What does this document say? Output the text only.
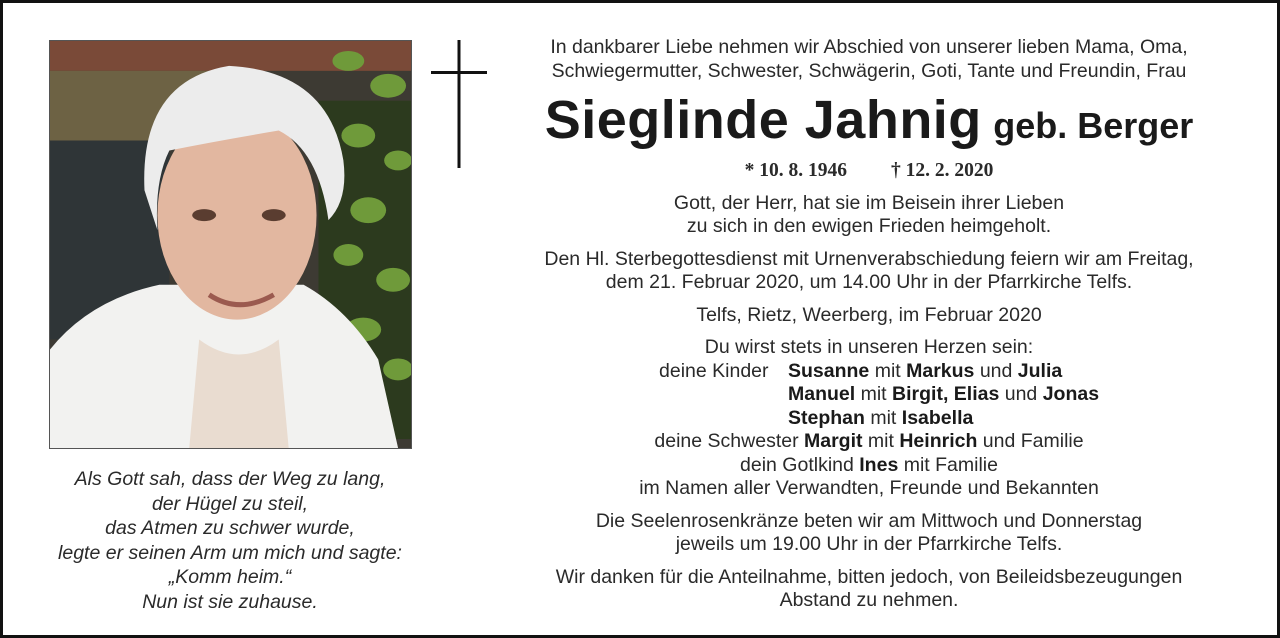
Als Gott sah, dass der Weg zu lang,
der Hügel zu steil,
das Atmen zu schwer wurde,
legte er seinen Arm um mich und sagte:
„Komm heim.“
Nun ist sie zuhause.
In dankbarer Liebe nehmen wir Abschied von unserer lieben Mama, Oma,
Schwiegermutter, Schwester, Schwägerin, Goti, Tante und Freundin, Frau
Sieglinde Jahnig geb. Berger
* 10. 8. 1946 † 12. 2. 2020
Gott, der Herr, hat sie im Beisein ihrer Lieben
zu sich in den ewigen Frieden heimgeholt.
Den Hl. Sterbegottesdienst mit Urnenverabschiedung feiern wir am Freitag,
dem 21. Februar 2020, um 14.00 Uhr in der Pfarrkirche Telfs.
Telfs, Rietz, Weerberg, im Februar 2020
Du wirst stets in unseren Herzen sein:
deine Kinder Susanne mit Markus und Julia
Manuel mit Birgit, Elias und Jonas
Stephan mit Isabella
deine Schwester Margit mit Heinrich und Familie
dein Gotlkind Ines mit Familie
im Namen aller Verwandten, Freunde und Bekannten
Die Seelenrosenkränze beten wir am Mittwoch und Donnerstag
jeweils um 19.00 Uhr in der Pfarrkirche Telfs.
Wir danken für die Anteilnahme, bitten jedoch, von Beileidsbezeugungen
Abstand zu nehmen.
